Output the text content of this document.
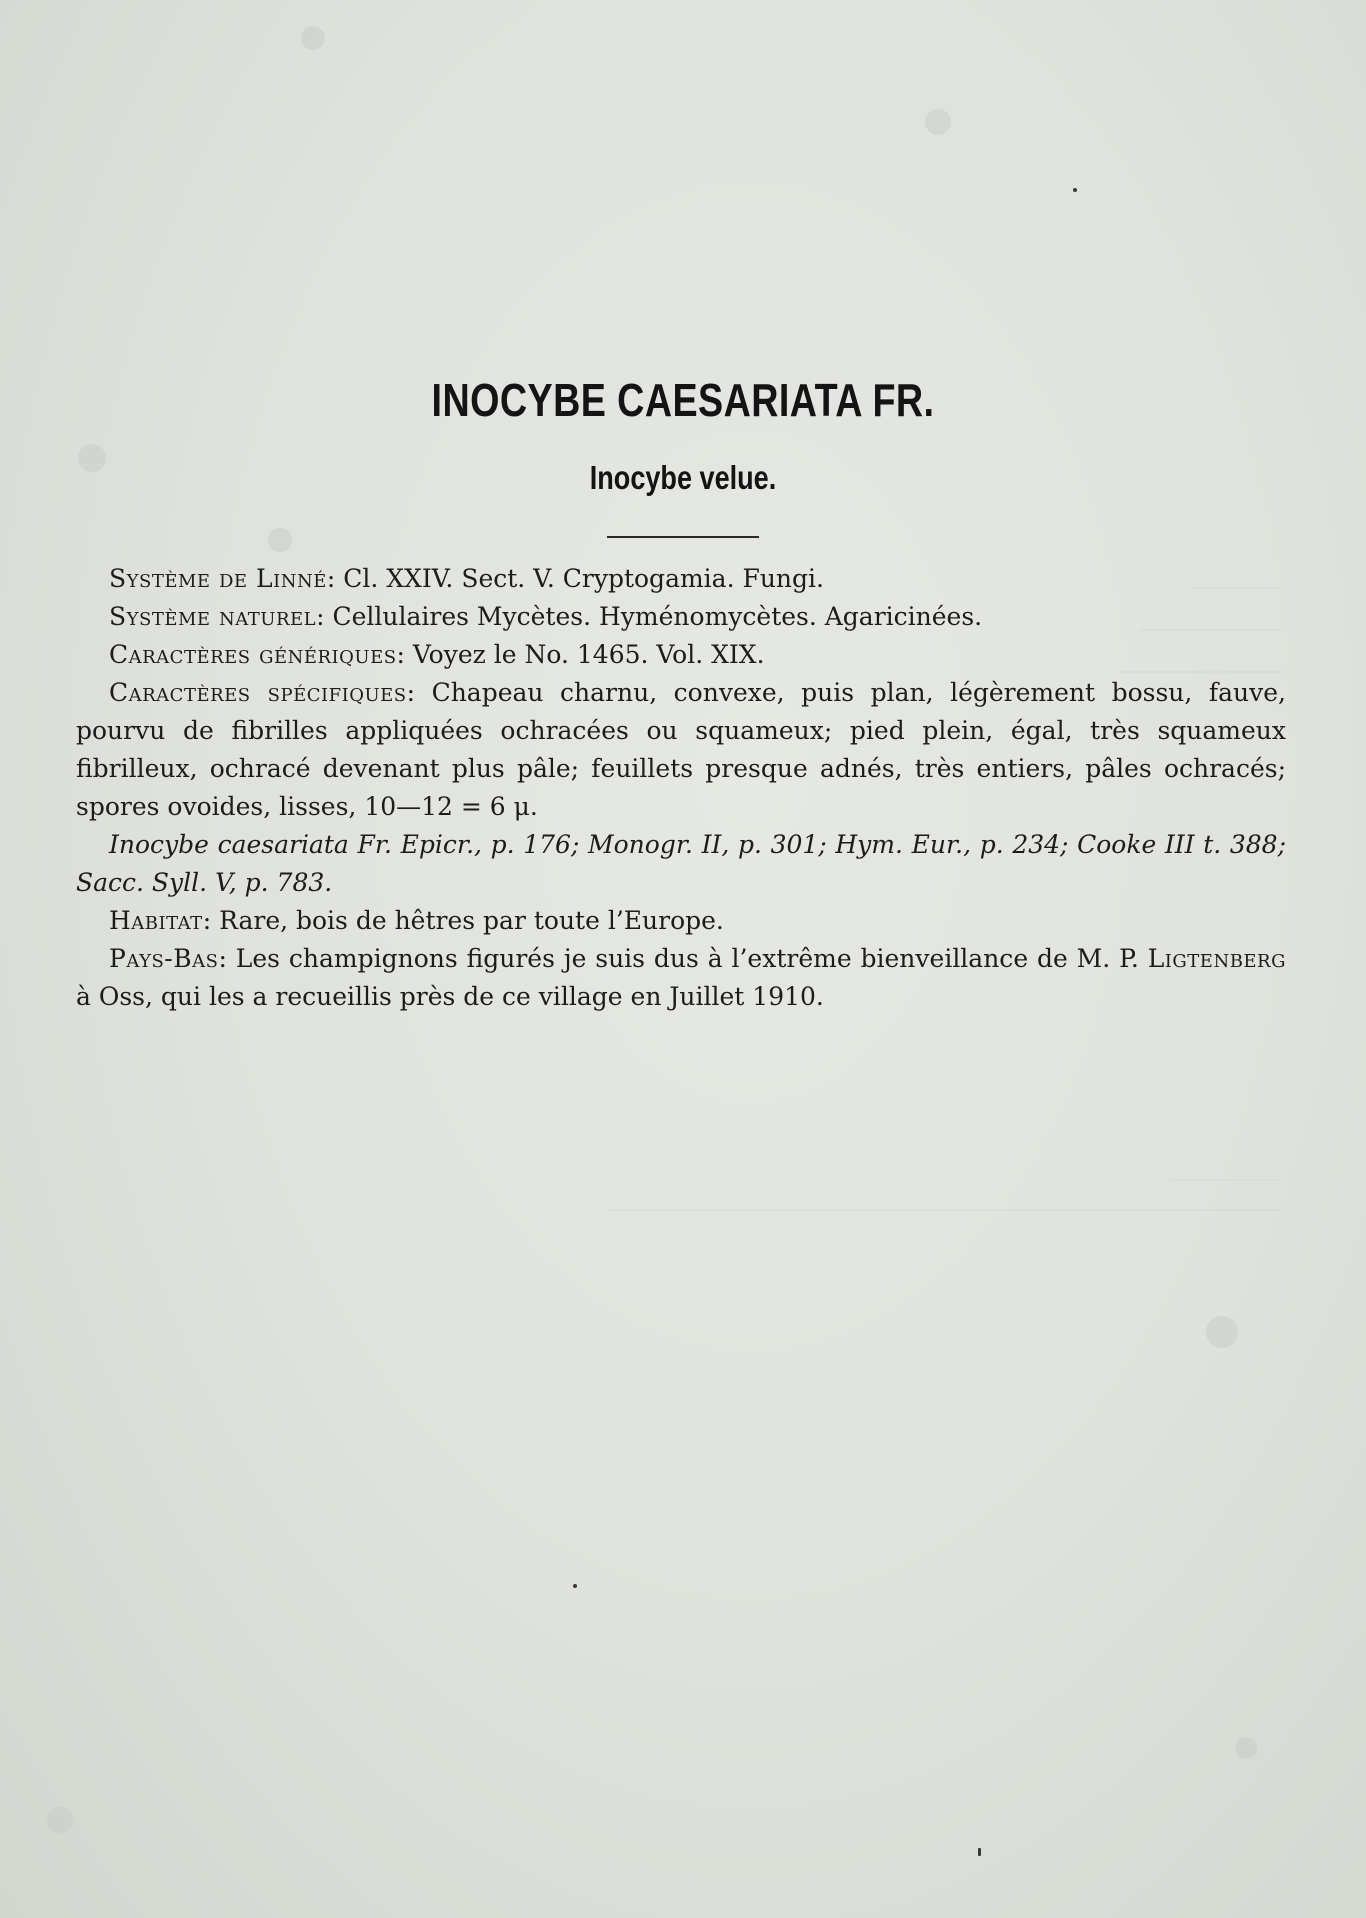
INOCYBE CAESARIATA FR.
Inocybe velue.

Système de Linné: Cl. XXIV. Sect. V. Cryptogamia. Fungi.

Système naturel: Cellulaires Mycètes. Hyménomycètes. Agaricinées.

Caractères génériques: Voyez le No. 1465. Vol. XIX.

Caractères spécifiques: Chapeau charnu, convexe, puis plan, légèrement bossu, fauve, pourvu de fibrilles appliquées ochracées ou squameux; pied plein, égal, très squameux fibrilleux, ochracé devenant plus pâle; feuillets presque adnés, très entiers, pâles ochracés; spores ovoides, lisses, 10—12 = 6 μ.

Inocybe caesariata Fr. Epicr., p. 176; Monogr. II, p. 301; Hym. Eur., p. 234; Cooke III t. 388; Sacc. Syll. V, p. 783.

Habitat: Rare, bois de hêtres par toute l’Europe.

Pays-Bas: Les champignons figurés je suis dus à l’extrême bienveillance de M. P. Ligtenberg à Oss, qui les a recueillis près de ce village en Juillet 1910.
